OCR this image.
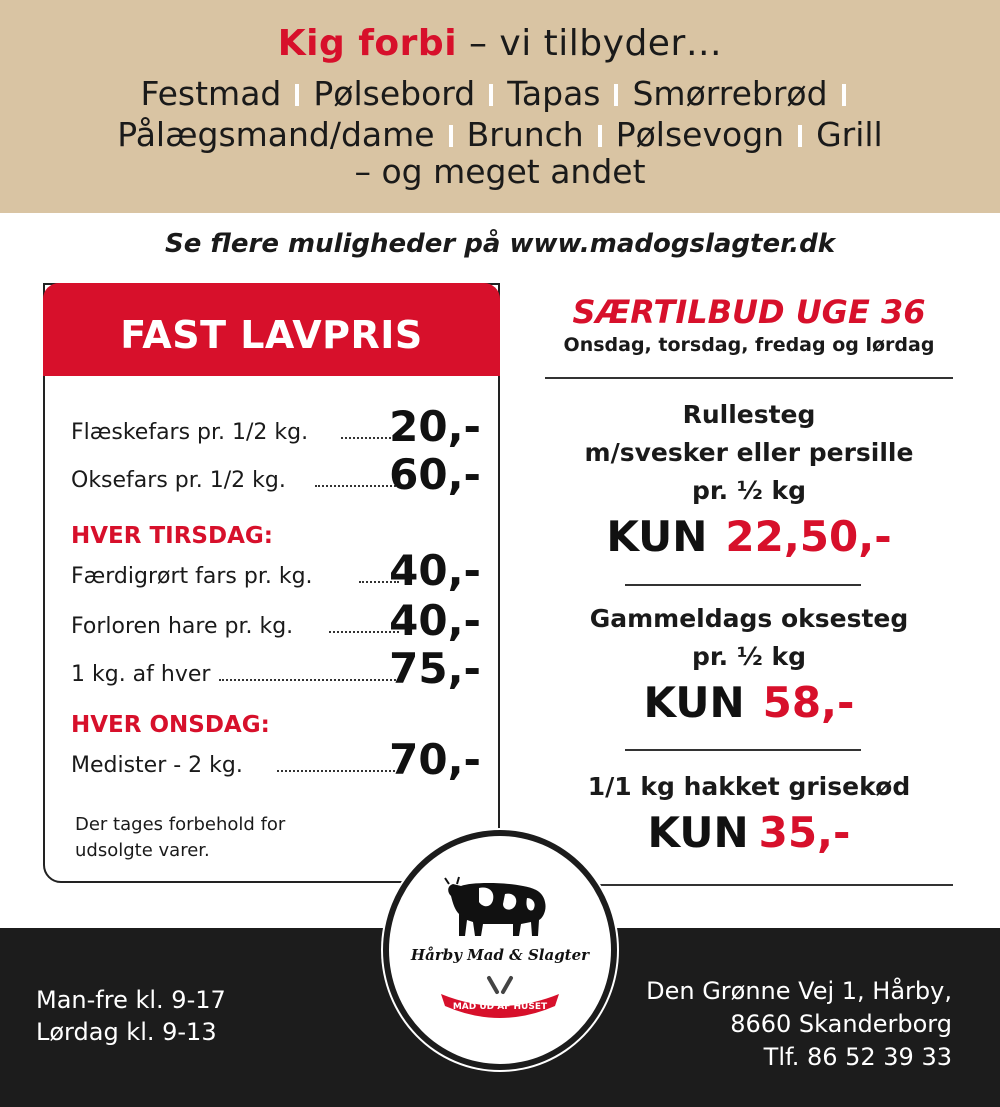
Kig forbi – vi tilbyder…
Festmad Pølsebord Tapas Smørrebrød
Pålægsmand/dame Brunch Pølsevogn Grill
– og meget andet
Se flere muligheder på www.madogslagter.dk
FAST LAVPRIS
Flæskefars pr. 1/2 kg. 20,-
Oksefars pr. 1/2 kg. 60,-
HVER TIRSDAG:
Færdigrørt fars pr. kg. 40,-
Forloren hare pr. kg. 40,-
1 kg. af hver	75,-
HVER ONSDAG:
Medister - 2 kg.	70,-
Der tages forbehold for udsolgte varer.
SÆRTILBUD UGE 36
Onsdag, torsdag, fredag og lørdag
Rullesteg
m/svesker eller persille
pr. ½ kg
KUN 22,50,-
Gammeldags oksesteg
pr. ½ kg
KUN 58,-
1/1 kg hakket grisekød
KUN 35,-
Man-fre kl. 9-17
Lørdag kl. 9-13
Den Grønne Vej 1, Hårby,
8660 Skanderborg
Tlf. 86 52 39 33
Hårby Mad & Slagter
MAD UD AF HUSET
